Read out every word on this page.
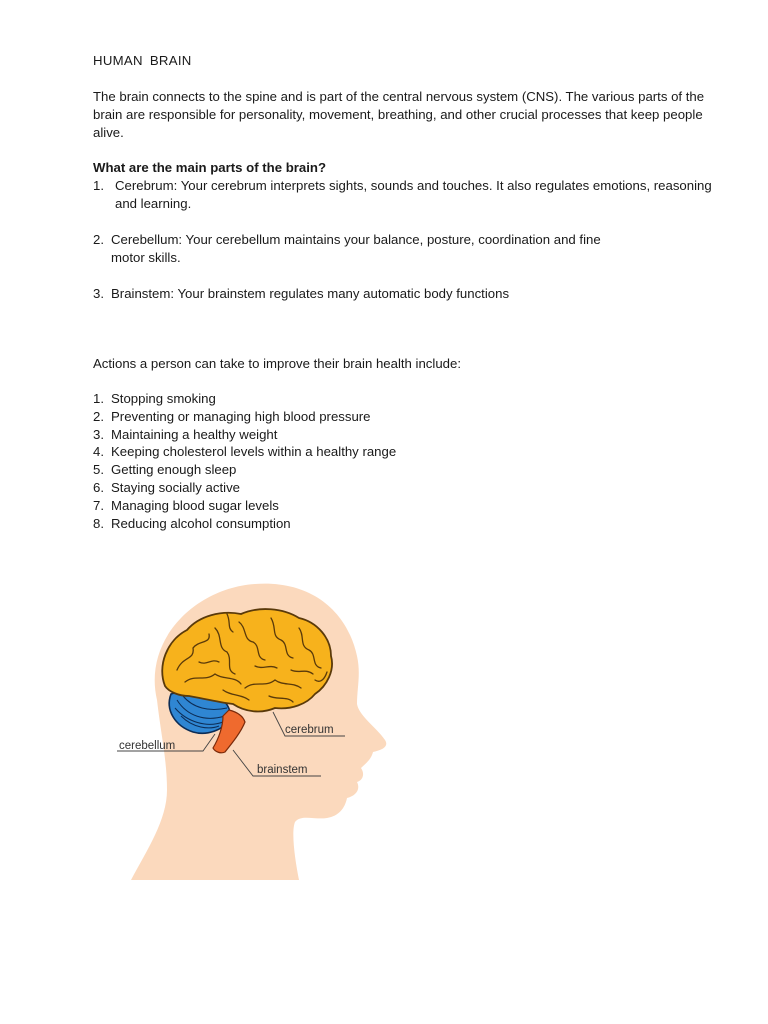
HUMAN BRAIN
The brain connects to the spine and is part of the central nervous system (CNS). The various parts of the brain are responsible for personality, movement, breathing, and other crucial processes that keep people alive.
What are the main parts of the brain?
1. Cerebrum: Your cerebrum interprets sights, sounds and touches. It also regulates emotions, reasoning and learning.
2. Cerebellum: Your cerebellum maintains your balance, posture, coordination and fine motor skills.
3. Brainstem: Your brainstem regulates many automatic body functions
Actions a person can take to improve their brain health include:
1. Stopping smoking
2. Preventing or managing high blood pressure
3. Maintaining a healthy weight
4. Keeping cholesterol levels within a healthy range
5. Getting enough sleep
6. Staying socially active
7. Managing blood sugar levels
8. Reducing alcohol consumption
cerebellum
cerebrum
brainstem
